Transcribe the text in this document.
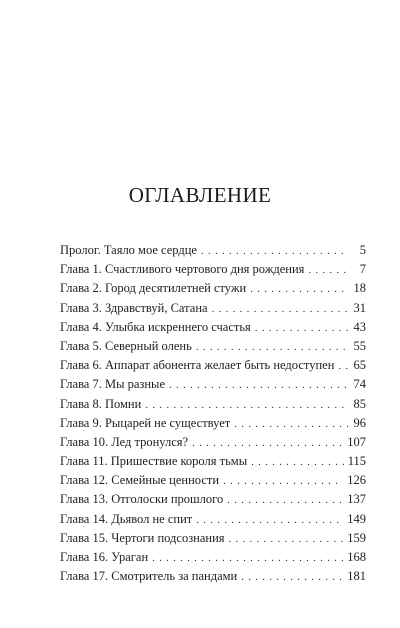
ОГЛАВЛЕНИЕ
Пролог. Таяло мое сердце . . .	5
Глава 1. Счастливого чертового дня рождения . . .	7
Глава 2. Город десятилетней стужи . . .	18
Глава 3. Здравствуй, Сатана . . .	31
Глава 4. Улыбка искреннего счастья . . .	43
Глава 5. Северный олень . . .	55
Глава 6. Аппарат абонента желает быть недоступен . . . 65
Глава 7. Мы разные . . .	74
Глава 8. Помни . . .	85
Глава 9. Рыцарей не существует . . .	96
Глава 10. Лед тронулся? . . .	107
Глава 11. Пришествие короля тьмы . . .	115
Глава 12. Семейные ценности . . .	126
Глава 13. Отголоски прошлого . . .	137
Глава 14. Дьявол не спит . . .	149
Глава 15. Чертоги подсознания . . .	159
Глава 16. Ураган . . .	168
Глава 17. Смотритель за пандами . . .	181
